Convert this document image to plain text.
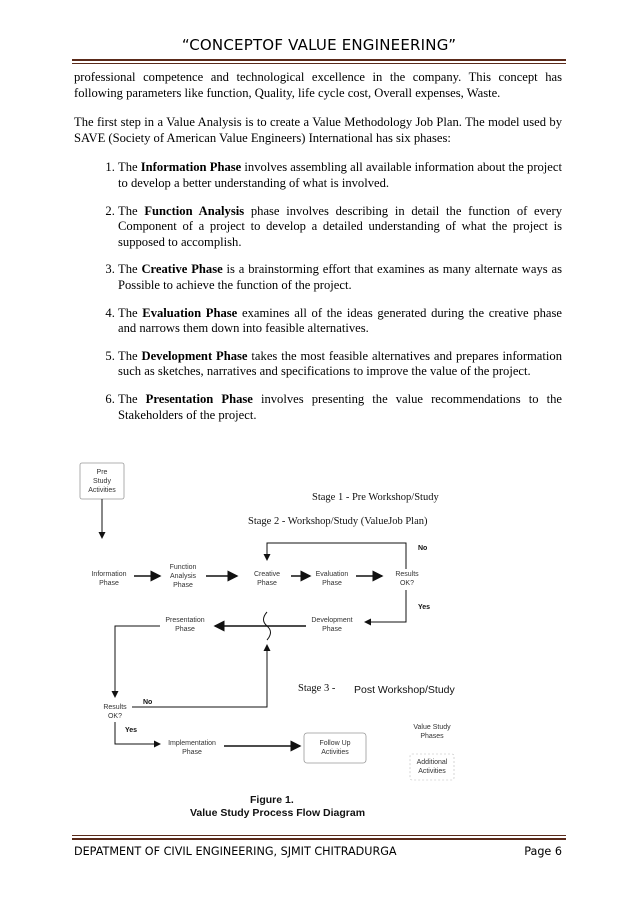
“CONCEPTOF VALUE ENGINEERING”

professional competence and technological excellence in the company. This concept has following parameters like function, Quality, life cycle cost, Overall expenses, Waste.

The first step in a Value Analysis is to create a Value Methodology Job Plan. The model used by SAVE (Society of American Value Engineers) International has six phases:

1. The Information Phase involves assembling all available information about the project to develop a better understanding of what is involved.
2. The Function Analysis phase involves describing in detail the function of every Component of a project to develop a detailed understanding of what the project is supposed to accomplish.
3. The Creative Phase is a brainstorming effort that examines as many alternate ways as Possible to achieve the function of the project.
4. The Evaluation Phase examines all of the ideas generated during the creative phase and narrows them down into feasible alternatives.
5. The Development Phase takes the most feasible alternatives and prepares information such as sketches, narratives and specifications to improve the value of the project.
6. The Presentation Phase involves presenting the value recommendations to the Stakeholders of the project.
Pre
Study
Activities
Stage 1 - Pre Workshop/Study
Stage 2 - Workshop/Study (ValueJob Plan)
No
Information
Phase
Function
Analysis
Phase
Creative
Phase
Evaluation
Phase
Results
OK?
Yes
Presentation
Phase
Development
Phase
Stage 3 - Post Workshop/Study
Results
OK?
No
Yes
Implementation
Phase
Follow Up
Activities
Value Study
Phases
Additional
Activities
Figure 1.
Value Study Process Flow Diagram
DEPATMENT OF CIVIL ENGINEERING, SJMIT CHITRADURGA	Page 6
